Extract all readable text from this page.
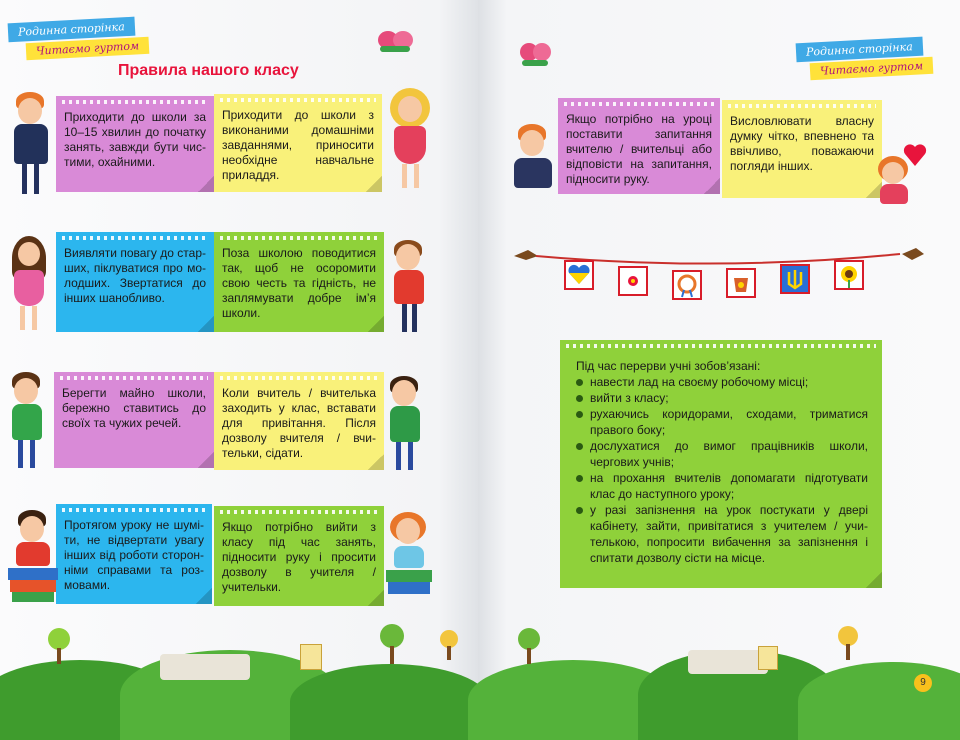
Родинна сторінка
Читаємо гуртом
Правила нашого класу
Приходити до школи за 10–15 хвилин до початку занять, завжди бути чистими, охайними.
Приходити до школи з виконаними домашніми завданнями, приносити необхідне навчальне приладдя.
Виявляти повагу до старших, піклуватися про молодших. Звертатися до інших шанобливо.
Поза школою поводитися так, щоб не осоромити свою честь та гідність, не заплямувати добре ім’я школи.
Берегти майно школи, бережно ставитись до своїх та чужих речей.
Коли вчитель / вчителька заходить у клас, вставати для привітання. Після дозволу вчителя / вчительки, сідати.
Протягом уроку не шуміти, не відвертати увагу інших від роботи сторонніми справами та розмовами.
Якщо потрібно вийти з класу під час занять, підносити руку і просити дозволу в учителя / учительки.
Родинна сторінка
Читаємо гуртом
Якщо потрібно на уроці поставити запитання вчителю / вчительці або відповісти на запитання, підносити руку.
Висловлювати власну думку чітко, впевнено та ввічливо, поважаючи погляди інших.
Під час перерви учні зобов’язані:
навести лад на своєму робочому місці;
вийти з класу;
рухаючись коридорами, сходами, триматися правого боку;
дослухатися до вимог працівників школи, чергових учнів;
на прохання вчителів допомагати підготувати клас до наступного уроку;
у разі запізнення на урок постукати у двері кабінету, зайти, привітатися з учителем / учителькою, попросити вибачення за запізнення і спитати дозволу сісти на місце.
9
